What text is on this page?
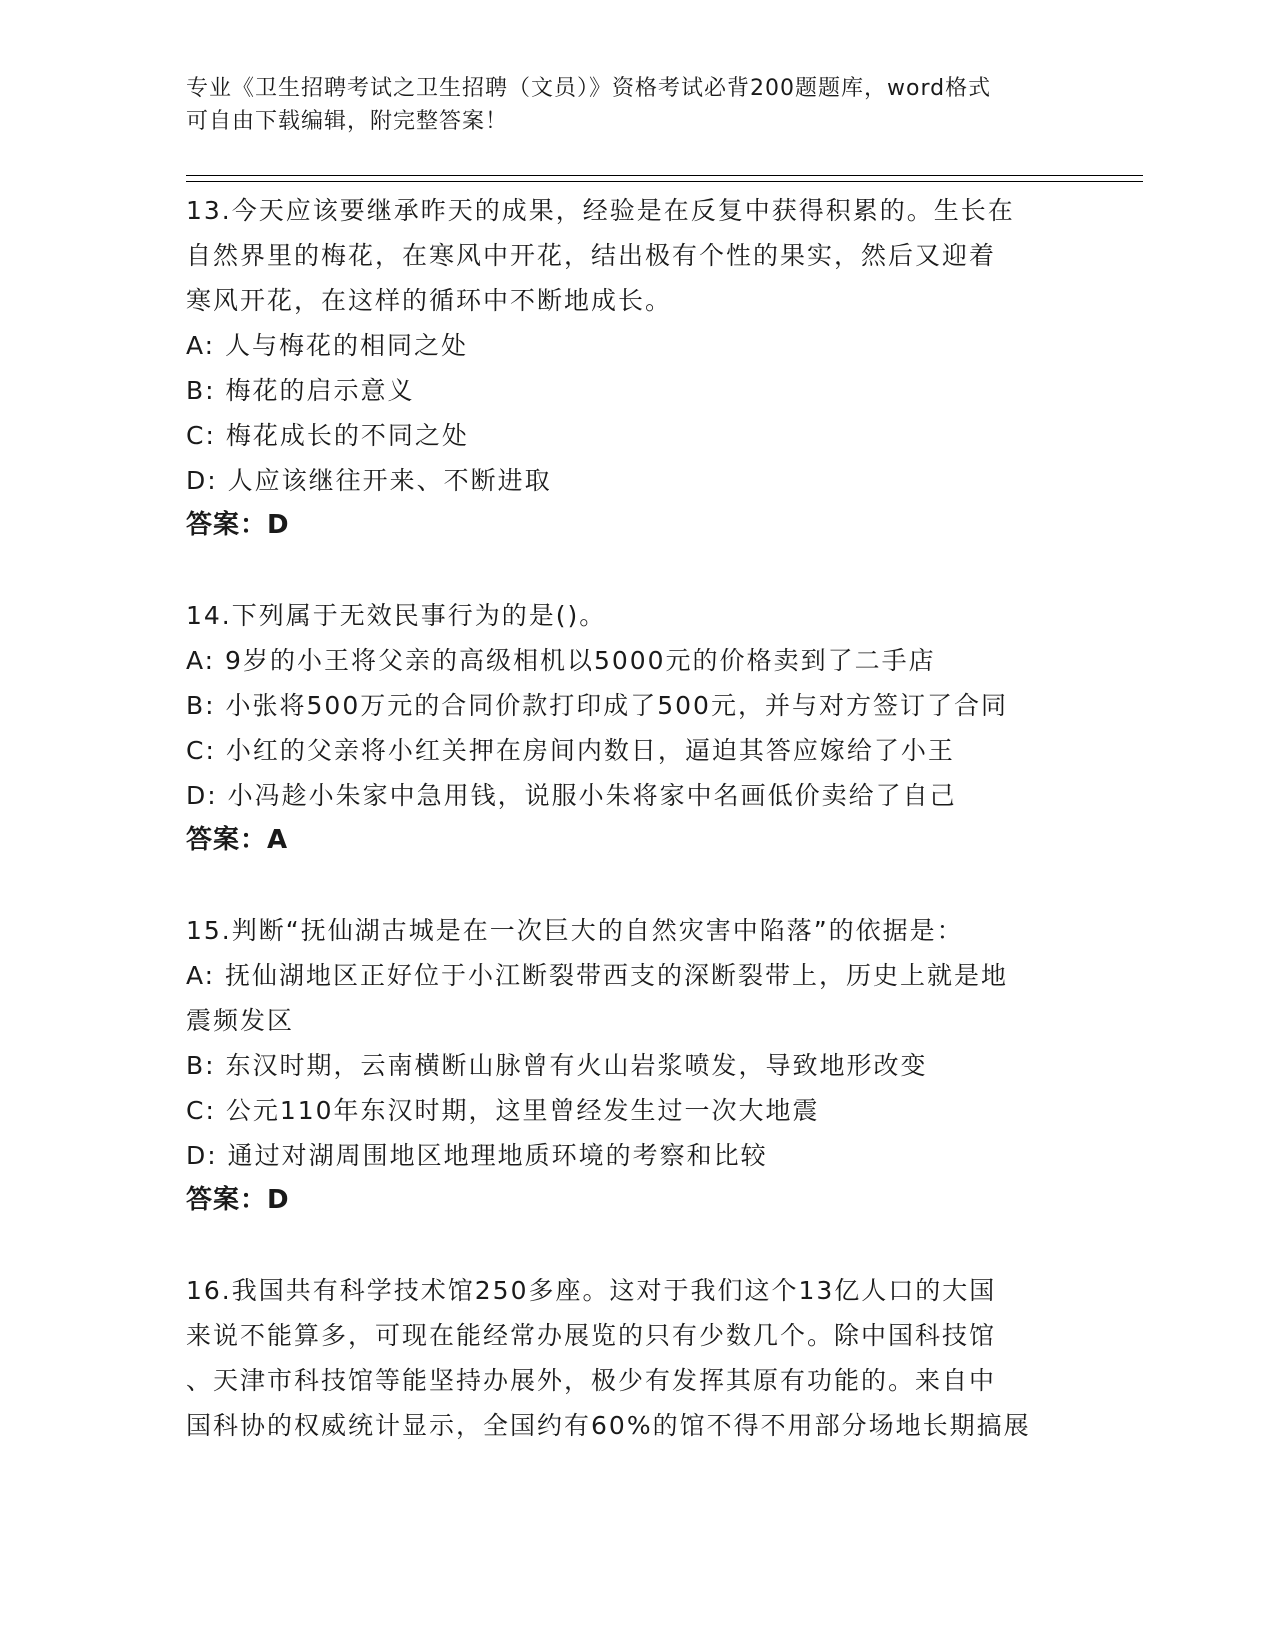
专业《卫生招聘考试之卫生招聘（文员）》资格考试必背200题题库，word格式
可自由下载编辑，附完整答案！
13.今天应该要继承昨天的成果，经验是在反复中获得积累的。生长在
自然界里的梅花，在寒风中开花，结出极有个性的果实，然后又迎着
寒风开花，在这样的循环中不断地成长。
A: 人与梅花的相同之处
B: 梅花的启示意义
C: 梅花成长的不同之处
D: 人应该继往开来、不断进取
答案：D
14.下列属于无效民事行为的是()。
A: 9岁的小王将父亲的高级相机以5000元的价格卖到了二手店
B: 小张将500万元的合同价款打印成了500元，并与对方签订了合同
C: 小红的父亲将小红关押在房间内数日，逼迫其答应嫁给了小王
D: 小冯趁小朱家中急用钱，说服小朱将家中名画低价卖给了自己
答案：A
15.判断“抚仙湖古城是在一次巨大的自然灾害中陷落”的依据是：
A: 抚仙湖地区正好位于小江断裂带西支的深断裂带上，历史上就是地
震频发区
B: 东汉时期，云南横断山脉曾有火山岩浆喷发，导致地形改变
C: 公元110年东汉时期，这里曾经发生过一次大地震
D: 通过对湖周围地区地理地质环境的考察和比较
答案：D
16.我国共有科学技术馆250多座。这对于我们这个13亿人口的大国
来说不能算多，可现在能经常办展览的只有少数几个。除中国科技馆
、天津市科技馆等能坚持办展外，极少有发挥其原有功能的。来自中
国科协的权威统计显示，全国约有60%的馆不得不用部分场地长期搞展
